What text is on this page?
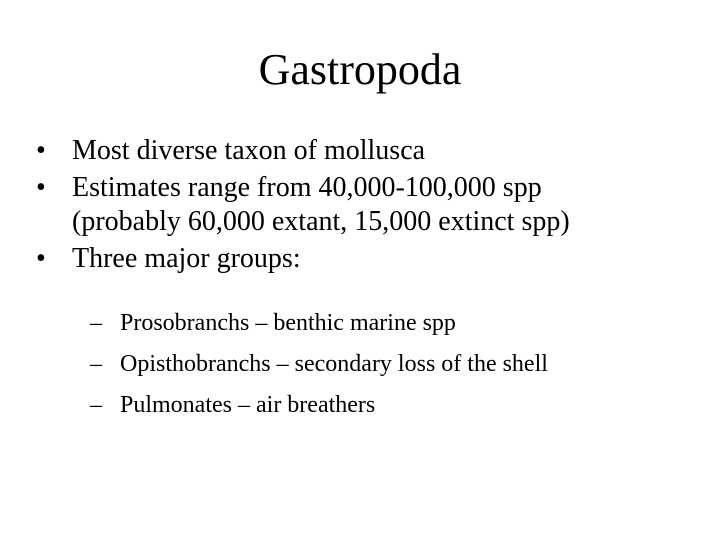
Gastropoda
• Most diverse taxon of mollusca
• Estimates range from 40,000-100,000 spp
(probably 60,000 extant, 15,000 extinct spp)
• Three major groups:
– Prosobranchs – benthic marine spp
– Opisthobranchs – secondary loss of the shell
– Pulmonates – air breathers
